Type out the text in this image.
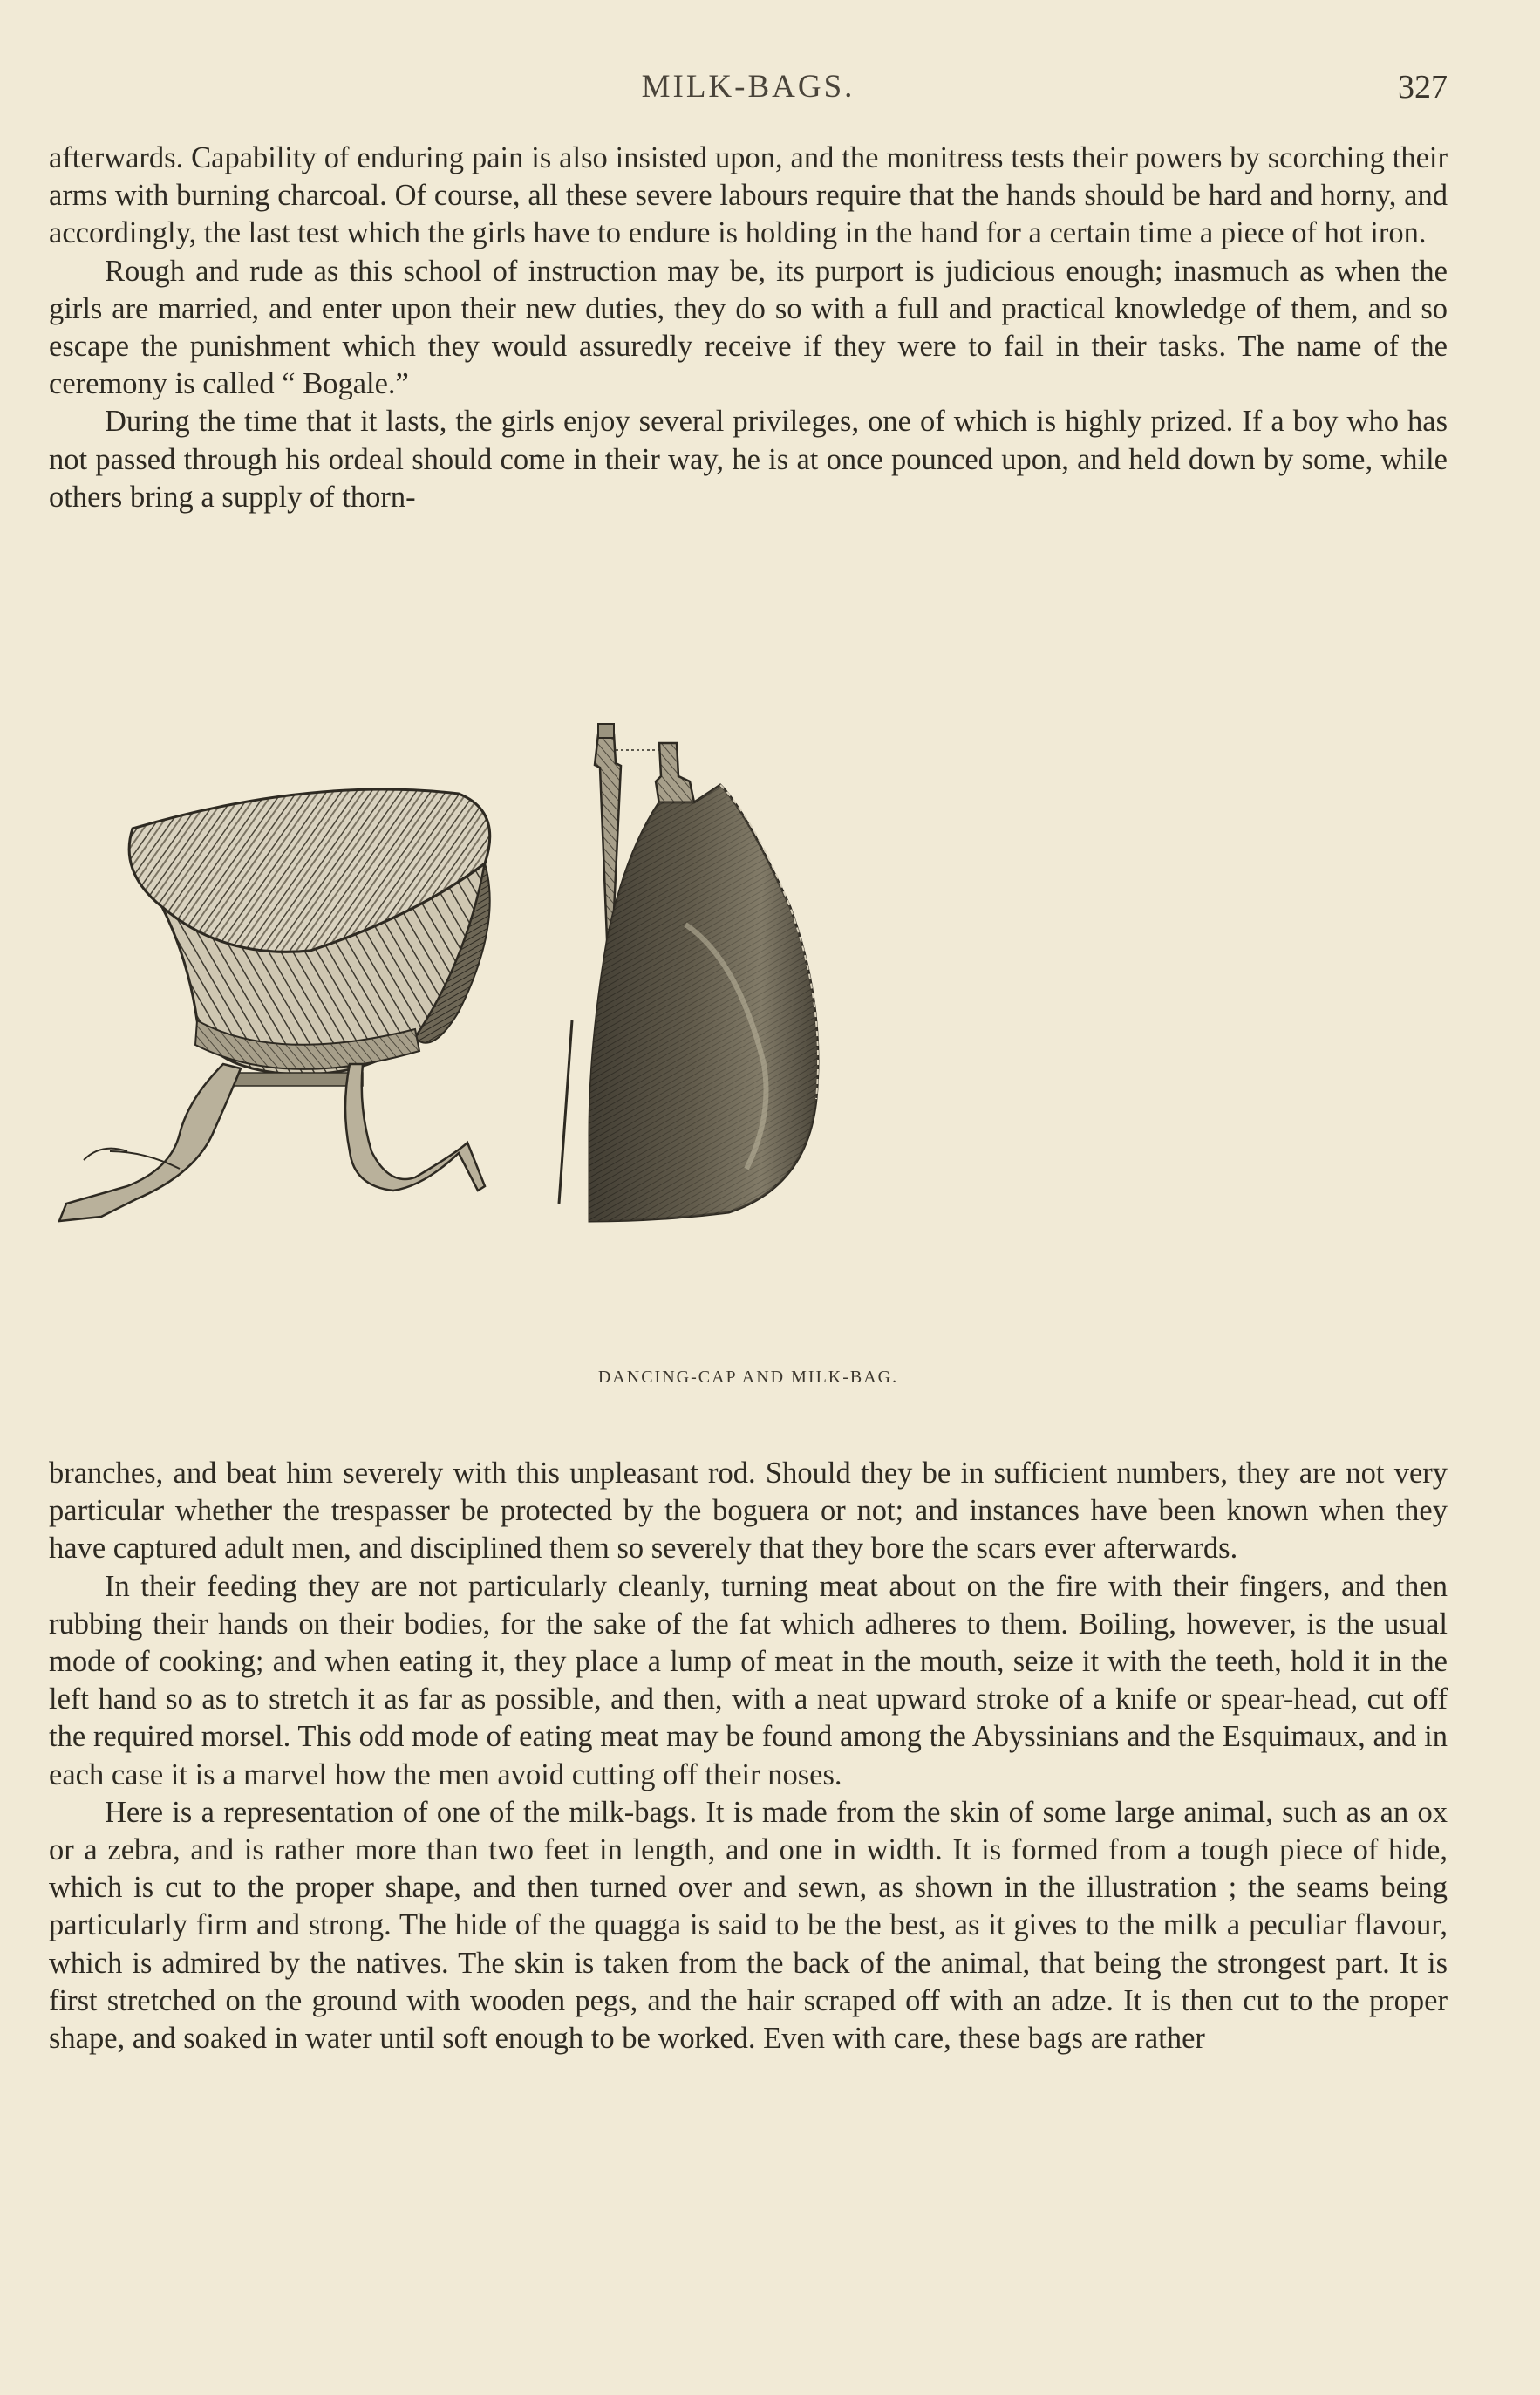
MILK-BAGS.	327

afterwards. Capability of enduring pain is also insisted upon, and the monitress tests their powers by scorching their arms with burning charcoal. Of course, all these severe labours require that the hands should be hard and horny, and accordingly, the last test which the girls have to endure is holding in the hand for a certain time a piece of hot iron.

Rough and rude as this school of instruction may be, its purport is judicious enough; inasmuch as when the girls are married, and enter upon their new duties, they do so with a full and practical knowledge of them, and so escape the punishment which they would assuredly receive if they were to fail in their tasks. The name of the ceremony is called “ Bogale.”

During the time that it lasts, the girls enjoy several privileges, one of which is highly prized. If a boy who has not passed through his ordeal should come in their way, he is at once pounced upon, and held down by some, while others bring a supply of thorn-

DANCING-CAP AND MILK-BAG.

branches, and beat him severely with this unpleasant rod. Should they be in sufficient numbers, they are not very particular whether the trespasser be protected by the boguera or not; and instances have been known when they have captured adult men, and disciplined them so severely that they bore the scars ever afterwards.

In their feeding they are not particularly cleanly, turning meat about on the fire with their fingers, and then rubbing their hands on their bodies, for the sake of the fat which adheres to them. Boiling, however, is the usual mode of cooking; and when eating it, they place a lump of meat in the mouth, seize it with the teeth, hold it in the left hand so as to stretch it as far as possible, and then, with a neat upward stroke of a knife or spear-head, cut off the required morsel. This odd mode of eating meat may be found among the Abyssinians and the Esquimaux, and in each case it is a marvel how the men avoid cutting off their noses.

Here is a representation of one of the milk-bags. It is made from the skin of some large animal, such as an ox or a zebra, and is rather more than two feet in length, and one in width. It is formed from a tough piece of hide, which is cut to the proper shape, and then turned over and sewn, as shown in the illustration ; the seams being particularly firm and strong. The hide of the quagga is said to be the best, as it gives to the milk a peculiar flavour, which is admired by the natives. The skin is taken from the back of the animal, that being the strongest part. It is first stretched on the ground with wooden pegs, and the hair scraped off with an adze. It is then cut to the proper shape, and soaked in water until soft enough to be worked. Even with care, these bags are rather
